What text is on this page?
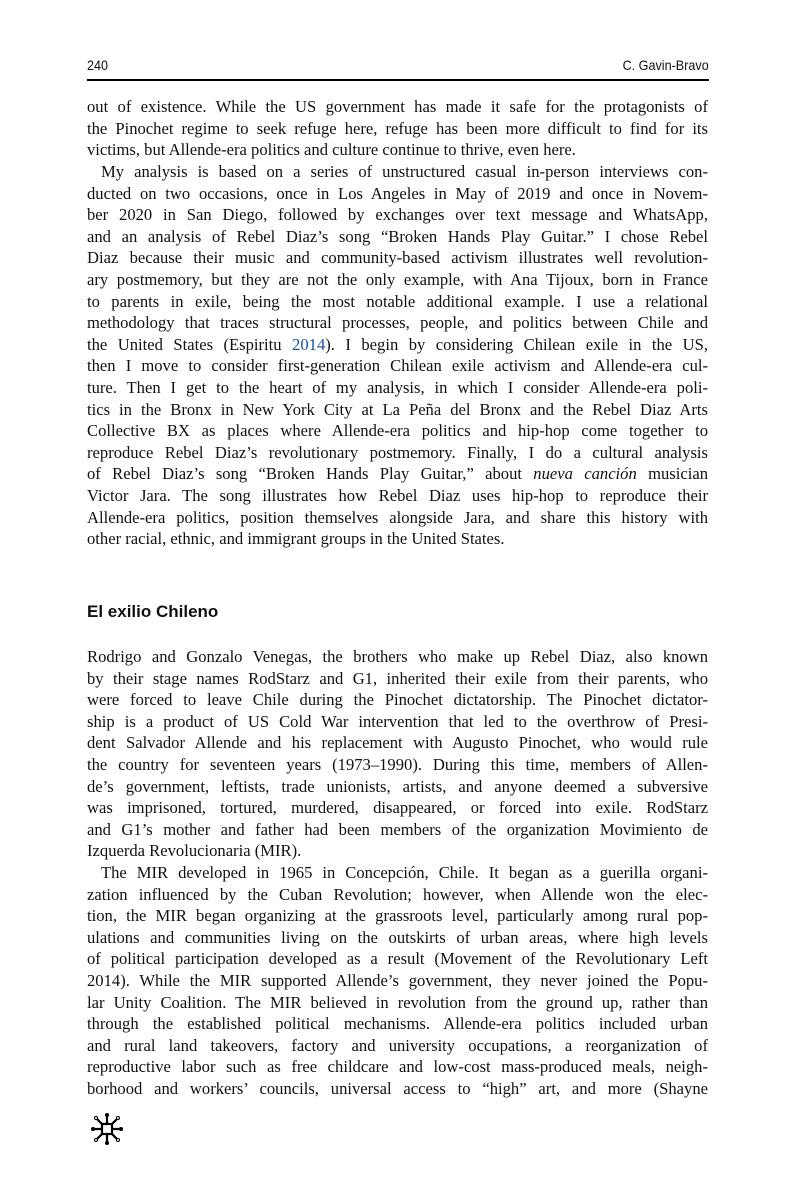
240	C. Gavin-Bravo
out of existence. While the US government has made it safe for the protagonists of
the Pinochet regime to seek refuge here, refuge has been more difficult to find for its
victims, but Allende-era politics and culture continue to thrive, even here.
My analysis is based on a series of unstructured casual in-person interviews con-
ducted on two occasions, once in Los Angeles in May of 2019 and once in Novem-
ber 2020 in San Diego, followed by exchanges over text message and WhatsApp,
and an analysis of Rebel Diaz’s song “Broken Hands Play Guitar.” I chose Rebel
Diaz because their music and community-based activism illustrates well revolution-
ary postmemory, but they are not the only example, with Ana Tijoux, born in France
to parents in exile, being the most notable additional example. I use a relational
methodology that traces structural processes, people, and politics between Chile and
the United States (Espiritu 2014). I begin by considering Chilean exile in the US,
then I move to consider first-generation Chilean exile activism and Allende-era cul-
ture. Then I get to the heart of my analysis, in which I consider Allende-era poli-
tics in the Bronx in New York City at La Peña del Bronx and the Rebel Diaz Arts
Collective BX as places where Allende-era politics and hip-hop come together to
reproduce Rebel Diaz’s revolutionary postmemory. Finally, I do a cultural analysis
of Rebel Diaz’s song “Broken Hands Play Guitar,” about nueva canción musician
Victor Jara. The song illustrates how Rebel Diaz uses hip-hop to reproduce their
Allende-era politics, position themselves alongside Jara, and share this history with
other racial, ethnic, and immigrant groups in the United States.
El exilio Chileno
Rodrigo and Gonzalo Venegas, the brothers who make up Rebel Diaz, also known
by their stage names RodStarz and G1, inherited their exile from their parents, who
were forced to leave Chile during the Pinochet dictatorship. The Pinochet dictator-
ship is a product of US Cold War intervention that led to the overthrow of Presi-
dent Salvador Allende and his replacement with Augusto Pinochet, who would rule
the country for seventeen years (1973–1990). During this time, members of Allen-
de’s government, leftists, trade unionists, artists, and anyone deemed a subversive
was imprisoned, tortured, murdered, disappeared, or forced into exile. RodStarz
and G1’s mother and father had been members of the organization Movimiento de
Izquerda Revolucionaria (MIR).
The MIR developed in 1965 in Concepción, Chile. It began as a guerilla organi-
zation influenced by the Cuban Revolution; however, when Allende won the elec-
tion, the MIR began organizing at the grassroots level, particularly among rural pop-
ulations and communities living on the outskirts of urban areas, where high levels
of political participation developed as a result (Movement of the Revolutionary Left
2014). While the MIR supported Allende’s government, they never joined the Popu-
lar Unity Coalition. The MIR believed in revolution from the ground up, rather than
through the established political mechanisms. Allende-era politics included urban
and rural land takeovers, factory and university occupations, a reorganization of
reproductive labor such as free childcare and low-cost mass-produced meals, neigh-
borhood and workers’ councils, universal access to “high” art, and more (Shayne
